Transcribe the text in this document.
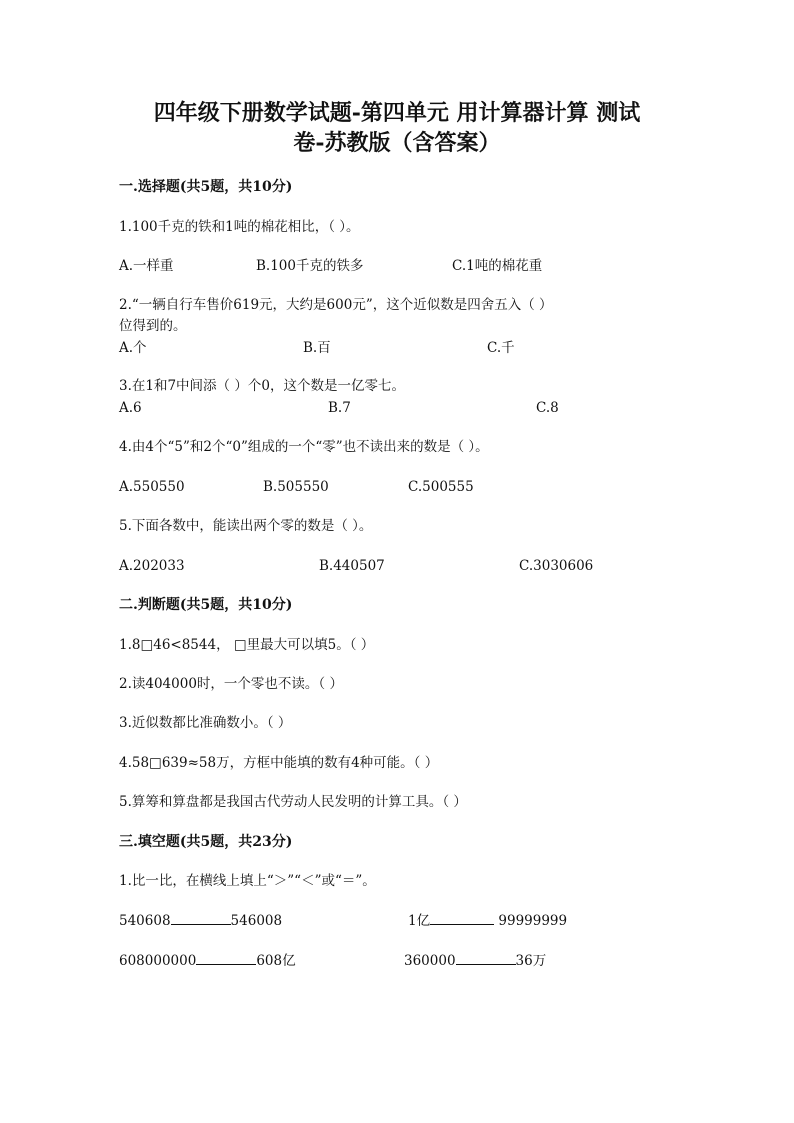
四年级下册数学试题-第四单元 用计算器计算 测试
卷-苏教版（含答案）
一.选择题(共5题，共10分)
1.100千克的铁和1吨的棉花相比，（ ）。
A.一样重	B.100千克的铁多	C.1吨的棉花重
2.“一辆自行车售价619元，大约是600元”，这个近似数是四舍五入（ ）
位得到的。
A.个	B.百	C.千
3.在1和7中间添（ ）个0，这个数是一亿零七。
A.6	B.7	C.8
4.由4个“5”和2个“0”组成的一个“零”也不读出来的数是（ ）。
A.550550	B.505550	C.500555
5.下面各数中，能读出两个零的数是（ ）。
A.202033	B.440507	C.3030606
二.判断题(共5题，共10分)
1.8□46<8544， □里最大可以填5。（ ）
2.读404000时，一个零也不读。（ ）
3.近似数都比准确数小。（ ）
4.58□639≈58万，方框中能填的数有4种可能。（ ）
5.算筹和算盘都是我国古代劳动人民发明的计算工具。（ ）
三.填空题(共5题，共23分)
1.比一比，在横线上填上“＞”“＜”或“＝”。
540608	546008	1亿	99999999
608000000	608亿	360000	36万
